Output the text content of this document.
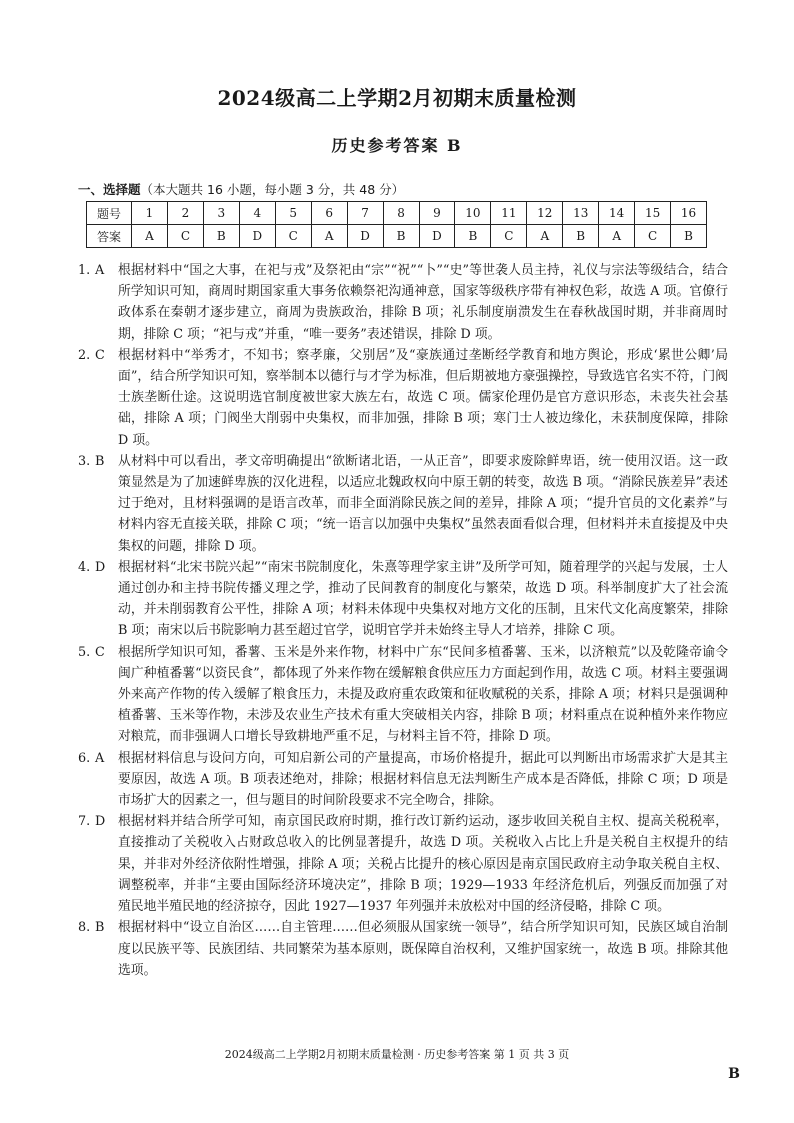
2024级高二上学期2月初期末质量检测
历史参考答案 B
一、选择题（本大题共 16 小题，每小题 3 分，共 48 分）
题号	1	2	3	4	5	6	7	8	9	10	11	12	13	14	15	16
答案	A	C	B	D	C	A	D	B	D	B	C	A	B	A	C	B
1. A	根据材料中“国之大事，在祀与戎”及祭祀由“宗”“祝”“卜”“史”等世袭人员主持，礼仪与宗法等级结合，结合所学知识可知，商周时期国家重大事务依赖祭祀沟通神意，国家等级秩序带有神权色彩，故选 A 项。官僚行政体系在秦朝才逐步建立，商周为贵族政治，排除 B 项；礼乐制度崩溃发生在春秋战国时期，并非商周时期，排除 C 项；“祀与戎”并重，“唯一要务”表述错误，排除 D 项。
2. C	根据材料中“举秀才，不知书；察孝廉，父别居”及“豪族通过垄断经学教育和地方舆论，形成‘累世公卿’局面”，结合所学知识可知，察举制本以德行与才学为标准，但后期被地方豪强操控，导致选官名实不符，门阀士族垄断仕途。这说明选官制度被世家大族左右，故选 C 项。儒家伦理仍是官方意识形态，未丧失社会基础，排除 A 项；门阀坐大削弱中央集权，而非加强，排除 B 项；寒门士人被边缘化，未获制度保障，排除 D 项。
3. B	从材料中可以看出，孝文帝明确提出“欲断诸北语，一从正音”，即要求废除鲜卑语，统一使用汉语。这一政策显然是为了加速鲜卑族的汉化进程，以适应北魏政权向中原王朝的转变，故选 B 项。“消除民族差异”表述过于绝对，且材料强调的是语言改革，而非全面消除民族之间的差异，排除 A 项；“提升官员的文化素养”与材料内容无直接关联，排除 C 项；“统一语言以加强中央集权”虽然表面看似合理，但材料并未直接提及中央集权的问题，排除 D 项。
4. D 根据材料“北宋书院兴起”“南宋书院制度化，朱熹等理学家主讲”及所学可知，随着理学的兴起与发展，士人通过创办和主持书院传播义理之学，推动了民间教育的制度化与繁荣，故选 D 项。科举制度扩大了社会流动，并未削弱教育公平性，排除 A 项；材料未体现中央集权对地方文化的压制，且宋代文化高度繁荣，排除 B 项；南宋以后书院影响力甚至超过官学，说明官学并未始终主导人才培养，排除 C 项。
5. C	根据所学知识可知，番薯、玉米是外来作物，材料中广东“民间多植番薯、玉米，以济粮荒”以及乾隆帝谕令闽广种植番薯“以资民食”，都体现了外来作物在缓解粮食供应压力方面起到作用，故选 C 项。材料主要强调外来高产作物的传入缓解了粮食压力，未提及政府重农政策和征收赋税的关系，排除 A 项；材料只是强调种植番薯、玉米等作物，未涉及农业生产技术有重大突破相关内容，排除 B 项；材料重点在说种植外来作物应对粮荒，而非强调人口增长导致耕地严重不足，与材料主旨不符，排除 D 项。
6. A	根据材料信息与设问方向，可知启新公司的产量提高，市场价格提升，据此可以判断出市场需求扩大是其主要原因，故选 A 项。B 项表述绝对，排除；根据材料信息无法判断生产成本是否降低，排除 C 项；D 项是市场扩大的因素之一，但与题目的时间阶段要求不完全吻合，排除。
7. D 根据材料并结合所学可知，南京国民政府时期，推行改订新约运动，逐步收回关税自主权、提高关税税率，直接推动了关税收入占财政总收入的比例显著提升，故选 D 项。关税收入占比上升是关税自主权提升的结果，并非对外经济依附性增强，排除 A 项；关税占比提升的核心原因是南京国民政府主动争取关税自主权、调整税率，并非“主要由国际经济环境决定”，排除 B 项；1929—1933 年经济危机后，列强反而加强了对殖民地半殖民地的经济掠夺，因此 1927—1937 年列强并未放松对中国的经济侵略，排除 C 项。
8. B	根据材料中“设立自治区……自主管理……但必须服从国家统一领导”，结合所学知识可知，民族区域自治制度以民族平等、民族团结、共同繁荣为基本原则，既保障自治权利，又维护国家统一，故选 B 项。排除其他选项。
2024级高二上学期2月初期末质量检测 · 历史参考答案 第 1 页 共 3 页
B
